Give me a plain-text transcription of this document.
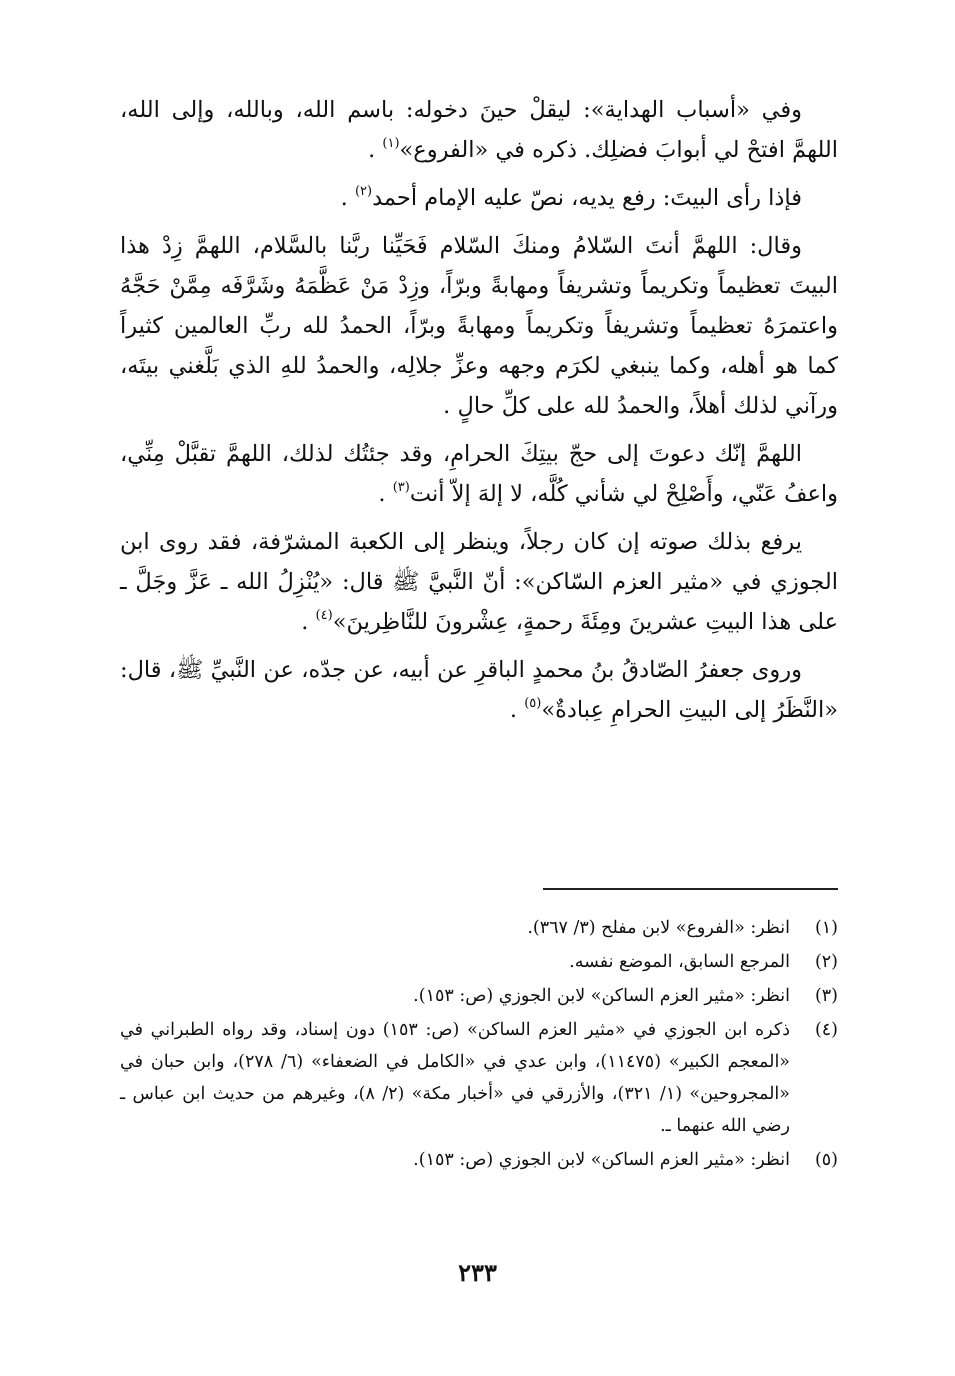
وفي «أسباب الهداية»: ليقلْ حينَ دخوله: باسم الله، وبالله، وإلى الله، اللهمَّ افتحْ لي أبوابَ فضلِك. ذكره في «الفروع»$^{(١)}$ .

فإذا رأى البيتَ: رفع يديه، نصّ عليه الإمام أحمد$^{(٢)}$ .

وقال: اللهمَّ أنتَ السّلامُ ومنكَ السّلام فَحَيِّنا ربَّنا بالسَّلام، اللهمَّ زِدْ هذا البيتَ تعظيماً وتكريماً وتشريفاً ومهابةً وبرّاً، وزِدْ مَنْ عَظَّمَهُ وشَرَّفَه مِمَّنْ حَجَّهُ واعتمرَهُ تعظيماً وتشريفاً وتكريماً ومهابةً وبرّاً، الحمدُ لله ربِّ العالمين كثيراً كما هو أهله، وكما ينبغي لكرَم وجهه وعزِّ جلالِه، والحمدُ للهِ الذي بَلَّغني بيتَه، ورآني لذلك أهلاً، والحمدُ لله على كلِّ حالٍ .

اللهمَّ إنّك دعوتَ إلى حجّ بيتِكَ الحرامِ، وقد جئتُك لذلك، اللهمَّ تقبَّلْ مِنِّي، واعفُ عَنّي، وأَصْلِحْ لي شأني كُلَّه، لا إلهَ إلاّ أنت$^{(٣)}$ .

يرفع بذلك صوته إن كان رجلاً، وينظر إلى الكعبة المشرّفة، فقد روى ابن الجوزي في «مثير العزم السّاكن»: أنّ النَّبيَّ ﷺ قال: «يُنْزِلُ الله ـ عَزَّ وجَلَّ ـ على هذا البيتِ عشرينَ ومِئَةَ رحمةٍ، عِشْرونَ للنَّاظِرينَ»$^{(٤)}$ .

وروى جعفرُ الصّادقُ بنُ محمدٍ الباقرِ عن أبيه، عن جدّه، عن النَّبيِّ ﷺ، قال: «النَّظَرُ إلى البيتِ الحرامِ عِبادةٌ»$^{(٥)}$ .

(١)
انظر: «الفروع» لابن مفلح (٣/ ٣٦٧).
(٢)
المرجع السابق، الموضع نفسه.
(٣)
انظر: «مثير العزم الساكن» لابن الجوزي (ص: ١٥٣).
(٤)
ذكره ابن الجوزي في «مثير العزم الساكن» (ص: ١٥٣) دون إسناد، وقد رواه الطبراني في «المعجم الكبير» (١١٤٧٥)، وابن عدي في «الكامل في الضعفاء» (٦/ ٢٧٨)، وابن حبان في «المجروحين» (١/ ٣٢١)، والأزرقي في «أخبار مكة» (٢/ ٨)، وغيرهم من حديث ابن عباس ـ رضي الله عنهما ـ.
(٥)
انظر: «مثير العزم الساكن» لابن الجوزي (ص: ١٥٣).
٢٣٣
